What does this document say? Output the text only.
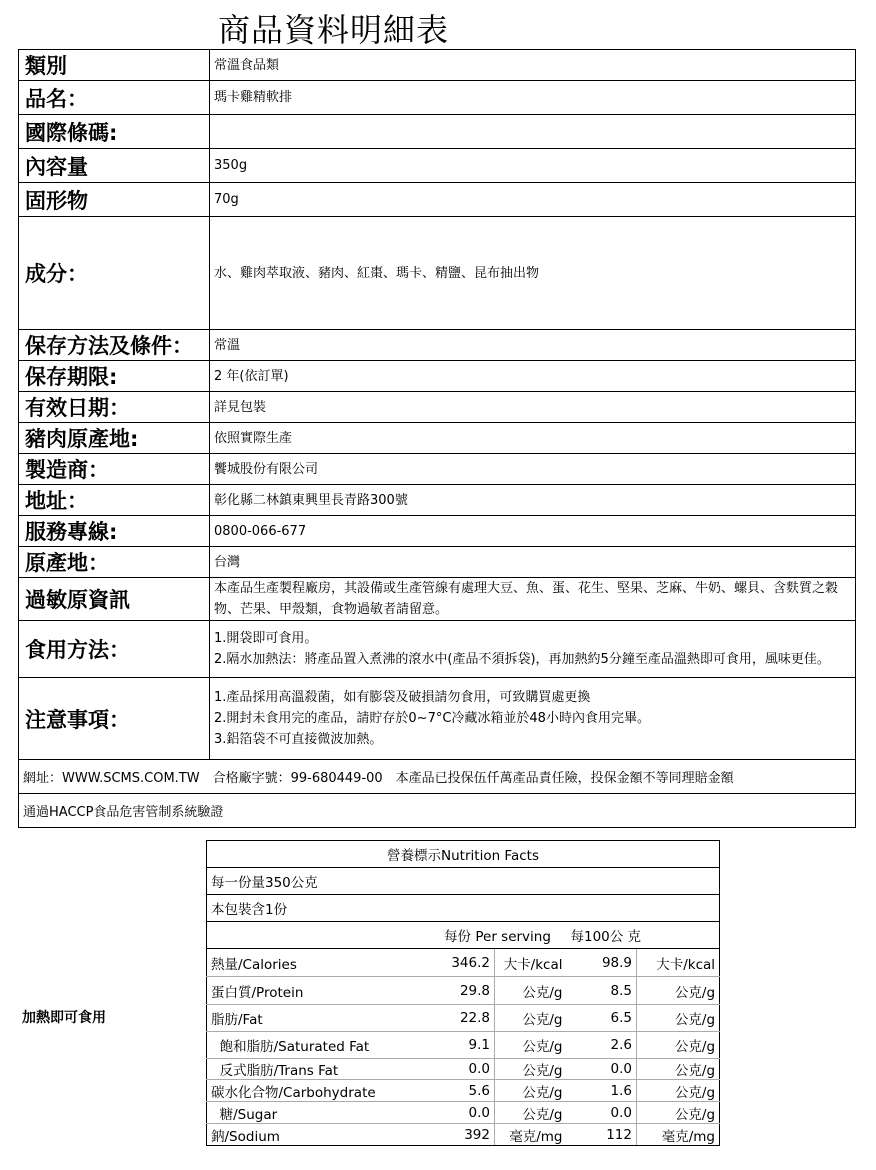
商品資料明細表
類別	常溫食品類
品名：	瑪卡雞精軟排
國際條碼:	
內容量	350g
固形物	70g
成分：	水、雞肉萃取液、豬肉、紅棗、瑪卡、精鹽、昆布抽出物
保存方法及條件：	常溫
保存期限:	2 年(依訂單)
有效日期：	詳見包裝
豬肉原產地:	依照實際生產
製造商：	饗城股份有限公司
地址：	彰化縣二林鎮東興里長青路300號
服務專線:	0800-066-677
原產地：	台灣
過敏原資訊	本產品生產製程廠房，其設備或生產管線有處理大豆、魚、蛋、花生、堅果、芝麻、牛奶、螺貝、含麩質之穀物、芒果、甲殼類，食物過敏者請留意。
食用方法：	1.開袋即可食用。
2.隔水加熱法：將產品置入煮沸的滾水中(產品不須拆袋)，再加熱約5分鐘至產品溫熱即可食用，風味更佳。

注意事項：	1.產品採用高溫殺菌，如有膨袋及破損請勿食用，可致購買處更換
2.開封未食用完的產品，請貯存於0~7°C冷藏冰箱並於48小時內食用完畢。
3.鋁箔袋不可直接微波加熱。

網址：WWW.SCMS.COM.TW　合格廠字號：99-680449-00　本產品已投保伍仟萬產品責任險，投保金額不等同理賠金額	
通過HACCP食品危害管制系統驗證	
加熱即可食用
營養標示Nutrition Facts				
每一份量350公克				
本包裝含1份				
	每份 Per serving		每100公 克	
熱量/Calories	346.2	大卡/kcal	98.9	大卡/kcal
蛋白質/Protein	29.8	公克/g	8.5	公克/g
脂肪/Fat	22.8	公克/g	6.5	公克/g
飽和脂肪/Saturated Fat	9.1	公克/g	2.6	公克/g
反式脂肪/Trans Fat	0.0	公克/g	0.0	公克/g
碳水化合物/Carbohydrate	5.6	公克/g	1.6	公克/g
糖/Sugar	0.0	公克/g	0.0	公克/g
鈉/Sodium	392	毫克/mg	112	毫克/mg
